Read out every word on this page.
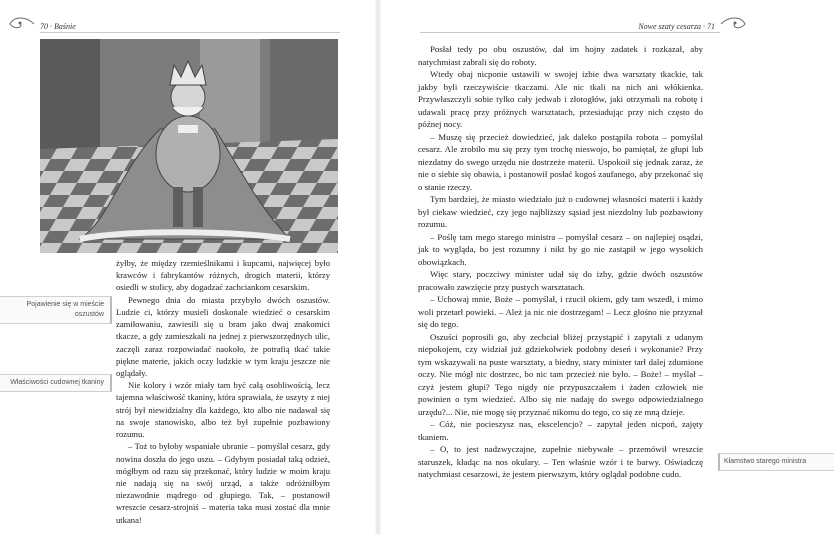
70 · Baśnie

żyłby, że między rzemieślnikami i kupcami, najwięcej było krawców i fabrykantów różnych, drogich materii, którzy osiedli w stolicy, aby dogadzać zachciankom cesarskim.

Pewnego dnia do miasta przybyło dwóch oszustów. Ludzie ci, którzy musieli doskonale wiedzieć o cesarskim zamiłowaniu, zawiesili się u bram jako dwaj znakomici tkacze, a gdy zamieszkali na jednej z pierwszorzędnych ulic, zaczęli zaraz rozpowiadać naokoło, że potrafią tkać takie piękne materie, jakich oczy ludzkie w tym kraju jeszcze nie oglądały.

Nie kolory i wzór miały tam być całą osobliwością, lecz tajemna właściwość tkaniny, która sprawiała, że uszyty z niej strój był niewidzialny dla każdego, kto albo nie nadawał się na swoje stanowisko, albo też był zupełnie pozbawiony rozumu.

– Toż to byłoby wspaniałe ubranie – pomyślał cesarz, gdy nowina doszła do jego uszu. – Gdybym posiadał taką odzież, mógłbym od razu się przekonać, który ludzie w moim kraju nie nadają się na swój urząd, a także odróżniłbym niezawodnie mądrego od głupiego. Tak, – postanowił wreszcie cesarz-strojniś – materia taka musi zostać dla mnie utkana!

Pojawienie się w mieście oszustów
Właściwości cudownej tkaniny
Nowe szaty cesarza · 71

Posłał tedy po obu oszustów, dał im hojny zadatek i rozkazał, aby natychmiast zabrali się do roboty.

Wtedy obaj nicponie ustawili w swojej izbie dwa warsztaty tkackie, tak jakby byli rzeczywiście tkaczami. Ale nic tkali na nich ani włókienka. Przywłaszczyli sobie tylko cały jedwab i złotogłów, jaki otrzymali na robotę i udawali pracę przy próżnych warsztatach, przesiadując przy nich często do późnej nocy.

– Muszę się przecież dowiedzieć, jak daleko postąpiła robota – pomyślał cesarz. Ale zrobiło mu się przy tym trochę nieswojo, bo pamiętał, że głupi lub niezdatny do swego urzędu nie dostrzeże materii. Uspokoił się jednak zaraz, że nie o siebie się obawia, i postanowił posłać kogoś zaufanego, aby przekonać się o stanie rzeczy.

Tym bardziej, że miasto wiedziało już o cudownej własności materii i każdy był ciekaw wiedzieć, czy jego najbliższy sąsiad jest niezdolny lub pozbawiony rozumu.

– Poślę tam mego starego ministra – pomyślał cesarz – on najlepiej osądzi, jak to wygląda, bo jest rozumny i nikt by go nie zastąpił w jego wysokich obowiązkach.

Więc stary, poczciwy minister udał się do izby, gdzie dwóch oszustów pracowało zawzięcie przy pustych warsztatach.

– Uchowaj mnie, Boże – pomyślał, i rzucił okiem, gdy tam wszedł, i mimo woli przetarł powieki. – Ależ ja nic nie dostrzegam! – Lecz głośno nie przyznał się do tego.

Oszuści poprosili go, aby zechciał bliżej przystąpić i zapytali z udanym niepokojem, czy widział już gdziekolwiek podobny deseń i wykonanie? Przy tym wskazywali na puste warsztaty, a biedny, stary minister tarł dalej zdumione oczy. Nie mógł nic dostrzec, bo nic tam przecież nie było. – Boże! – myślał – czyż jestem głupi? Tego nigdy nie przypuszczałem i żaden człowiek nie powinien o tym wiedzieć. Albo się nie nadaję do swego odpowiedzialnego urzędu?... Nie, nie mogę się przyznać nikomu do tego, co się ze mną dzieje.

– Cóż, nie pocieszysz nas, ekscelencjo? – zapytał jeden nicpoń, zajęty tkaniem.

– O, to jest nadzwyczajne, zupełnie niebywałe – przemówił wreszcie staruszek, kładąc na nos okulary. – Ten właśnie wzór i te barwy. Oświadczę natychmiast cesarzowi, że jestem pierwszym, który oglądał podobne cudo.

Kłamstwo starego ministra
